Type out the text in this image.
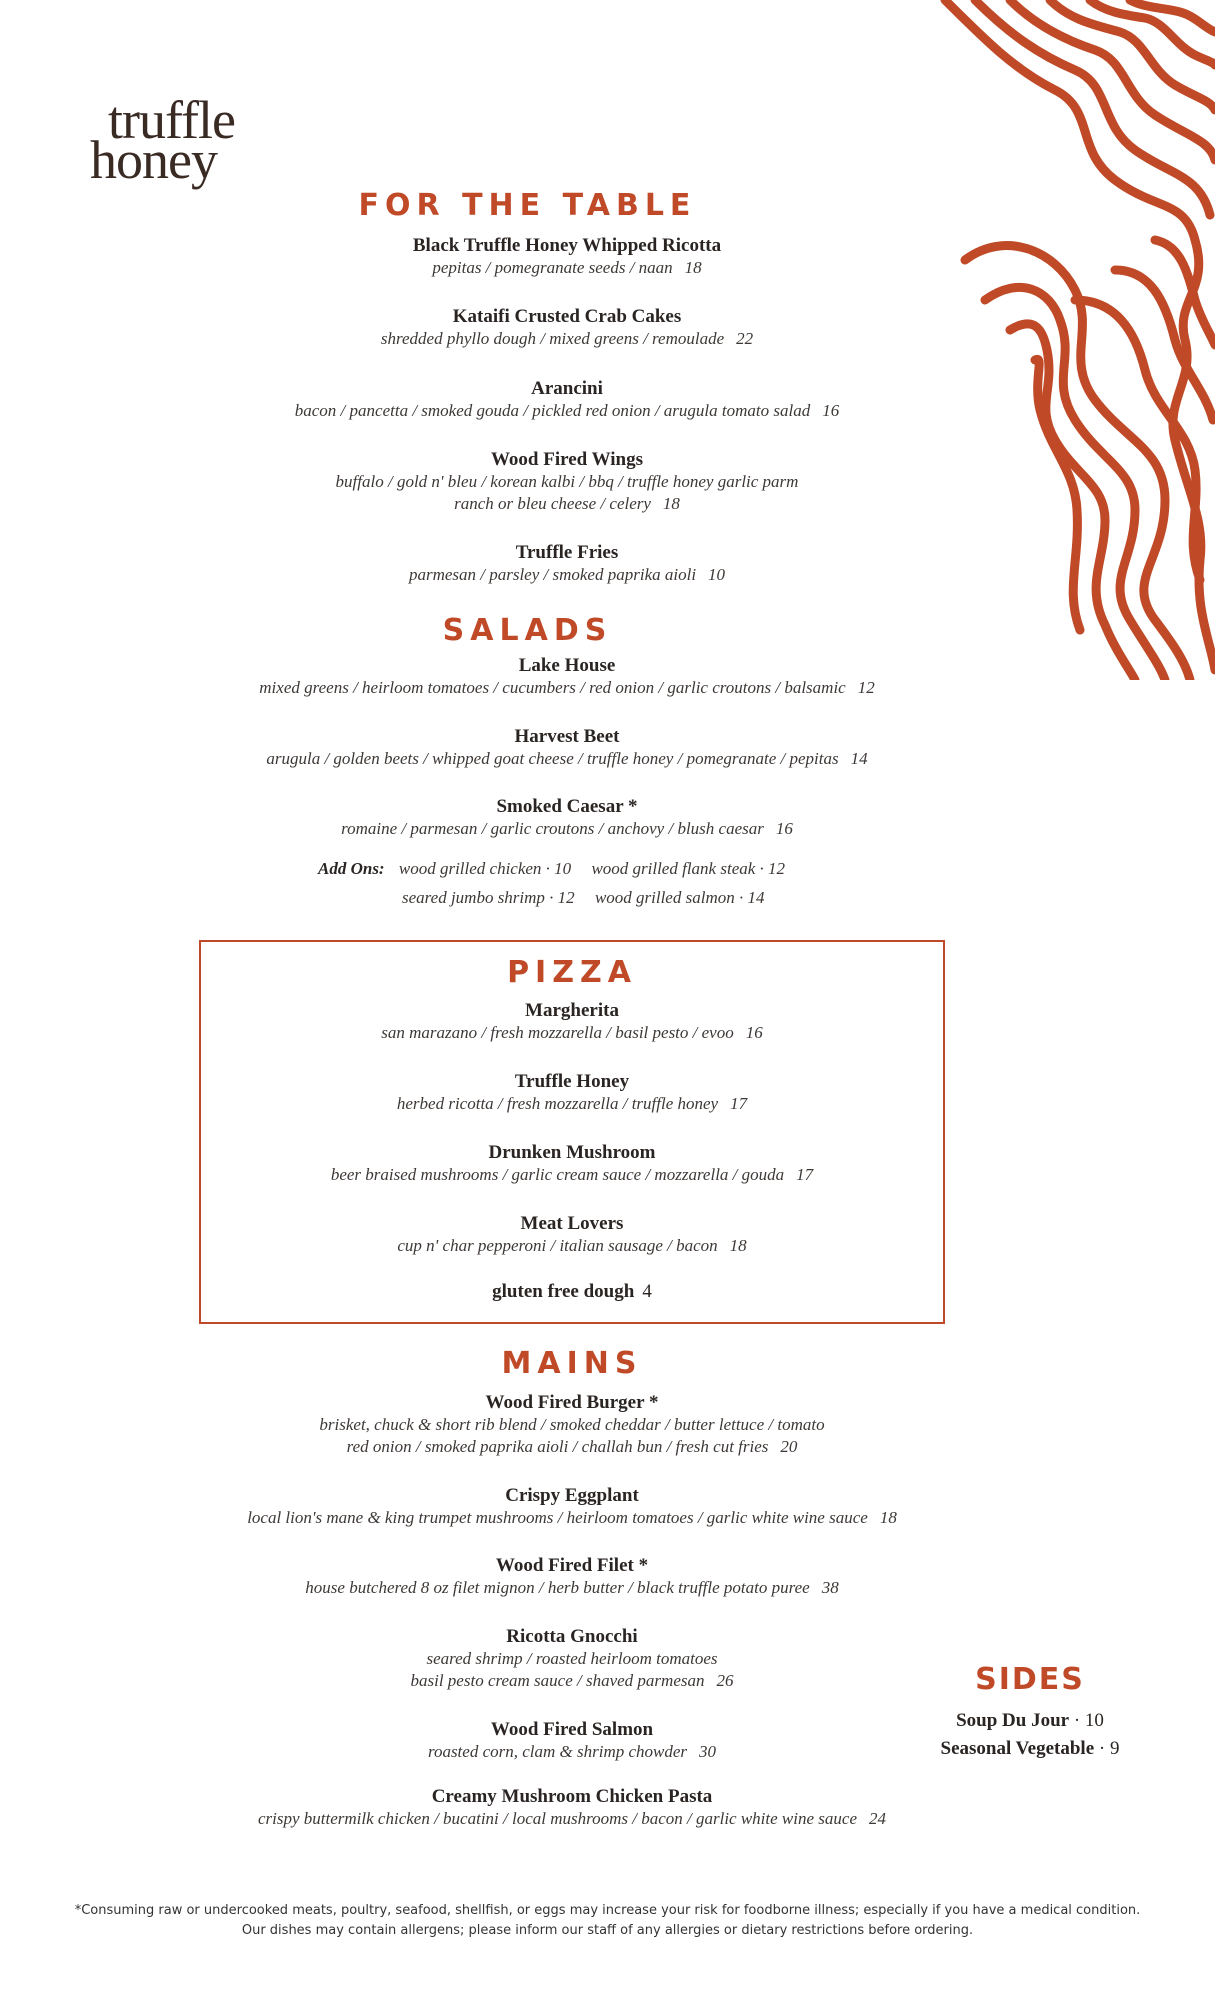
truffle
honey
FOR THE TABLE
Black Truffle Honey Whipped Ricotta
pepitas / pomegranate seeds / naan 18
Kataifi Crusted Crab Cakes
shredded phyllo dough / mixed greens / remoulade 22
Arancini
bacon / pancetta / smoked gouda / pickled red onion / arugula tomato salad 16
Wood Fired Wings
buffalo / gold n' bleu / korean kalbi / bbq / truffle honey garlic parm
ranch or bleu cheese / celery 18
Truffle Fries
parmesan / parsley / smoked paprika aioli 10
SALADS
Lake House
mixed greens / heirloom tomatoes / cucumbers / red onion / garlic croutons / balsamic 12
Harvest Beet
arugula / golden beets / whipped goat cheese / truffle honey / pomegranate / pepitas 14
Smoked Caesar *
romaine / parmesan / garlic croutons / anchovy / blush caesar 16
Add Ons: wood grilled chicken · 10 wood grilled flank steak · 12
seared jumbo shrimp · 12 wood grilled salmon · 14
PIZZA
Margherita
san marazano / fresh mozzarella / basil pesto / evoo 16
Truffle Honey
herbed ricotta / fresh mozzarella / truffle honey 17
Drunken Mushroom
beer braised mushrooms / garlic cream sauce / mozzarella / gouda 17
Meat Lovers
cup n' char pepperoni / italian sausage / bacon 18
gluten free dough 4
MAINS
Wood Fired Burger *
brisket, chuck & short rib blend / smoked cheddar / butter lettuce / tomato
red onion / smoked paprika aioli / challah bun / fresh cut fries 20
Crispy Eggplant
local lion's mane & king trumpet mushrooms / heirloom tomatoes / garlic white wine sauce 18
Wood Fired Filet *
house butchered 8 oz filet mignon / herb butter / black truffle potato puree 38
Ricotta Gnocchi
seared shrimp / roasted heirloom tomatoes
basil pesto cream sauce / shaved parmesan 26
Wood Fired Salmon
roasted corn, clam & shrimp chowder 30
Creamy Mushroom Chicken Pasta
crispy buttermilk chicken / bucatini / local mushrooms / bacon / garlic white wine sauce 24
SIDES
Soup Du Jour · 10
Seasonal Vegetable · 9
*Consuming raw or undercooked meats, poultry, seafood, shellfish, or eggs may increase your risk for foodborne illness; especially if you have a medical condition.
Our dishes may contain allergens; please inform our staff of any allergies or dietary restrictions before ordering.
